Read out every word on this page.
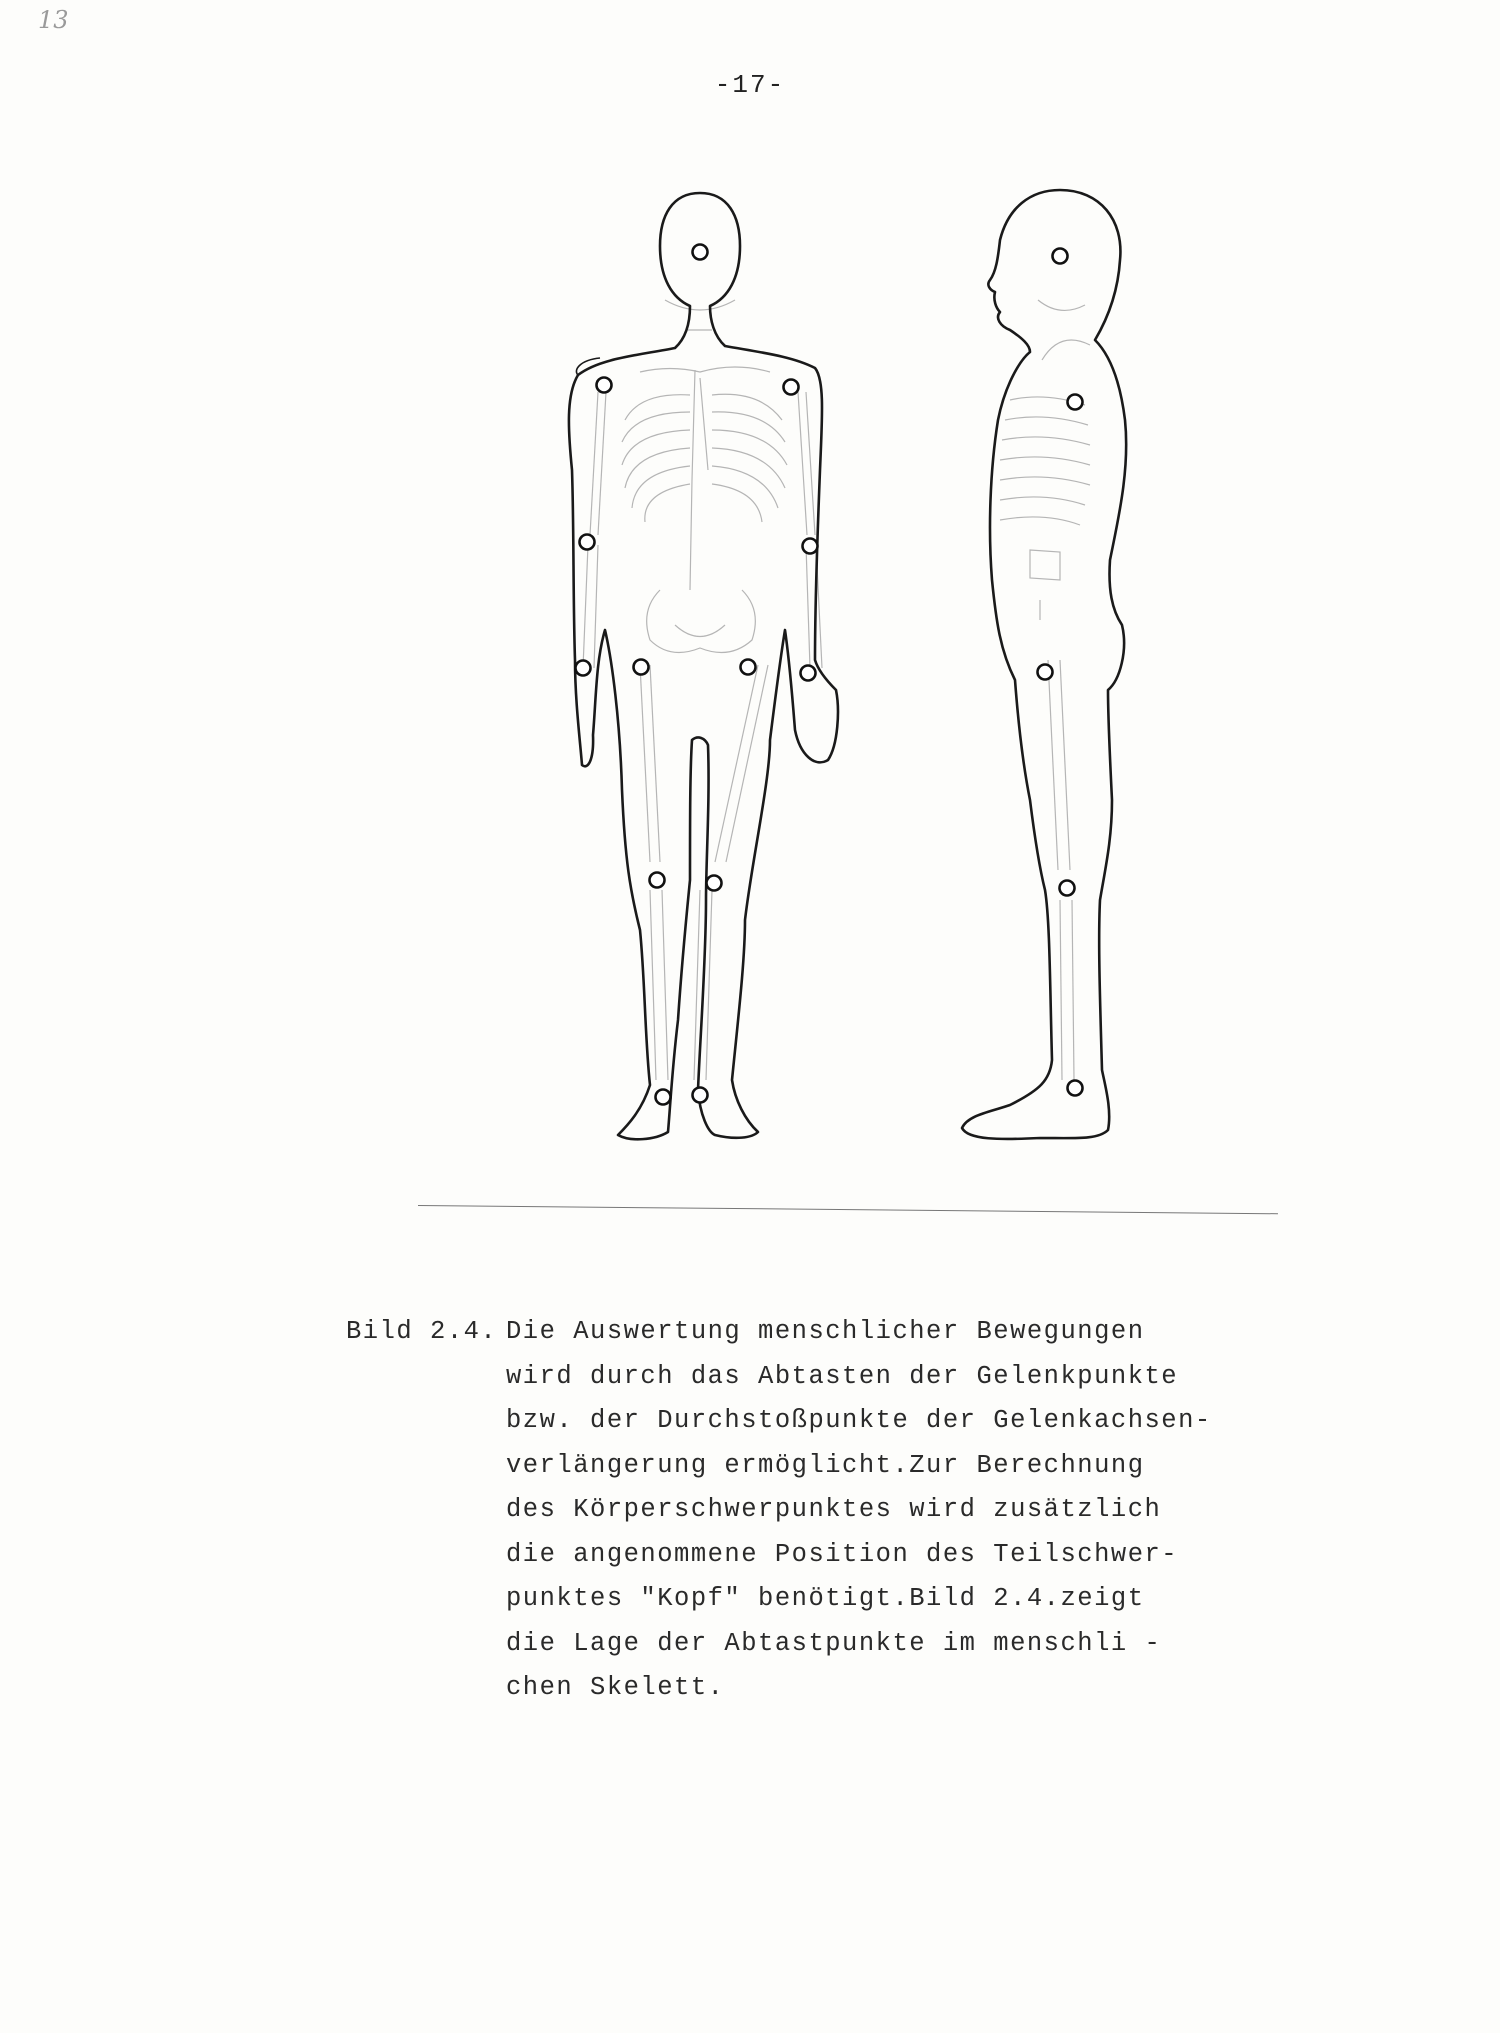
13
-17-
Bild 2.4. Die Auswertung menschlicher Bewegungen
wird durch das Abtasten der Gelenkpunkte
bzw. der Durchstoßpunkte der Gelenkachsen-
verlängerung ermöglicht.Zur Berechnung
des Körperschwerpunktes wird zusätzlich
die angenommene Position des Teilschwer-
punktes "Kopf" benötigt.Bild 2.4.zeigt
die Lage der Abtastpunkte im menschli -
chen Skelett.
